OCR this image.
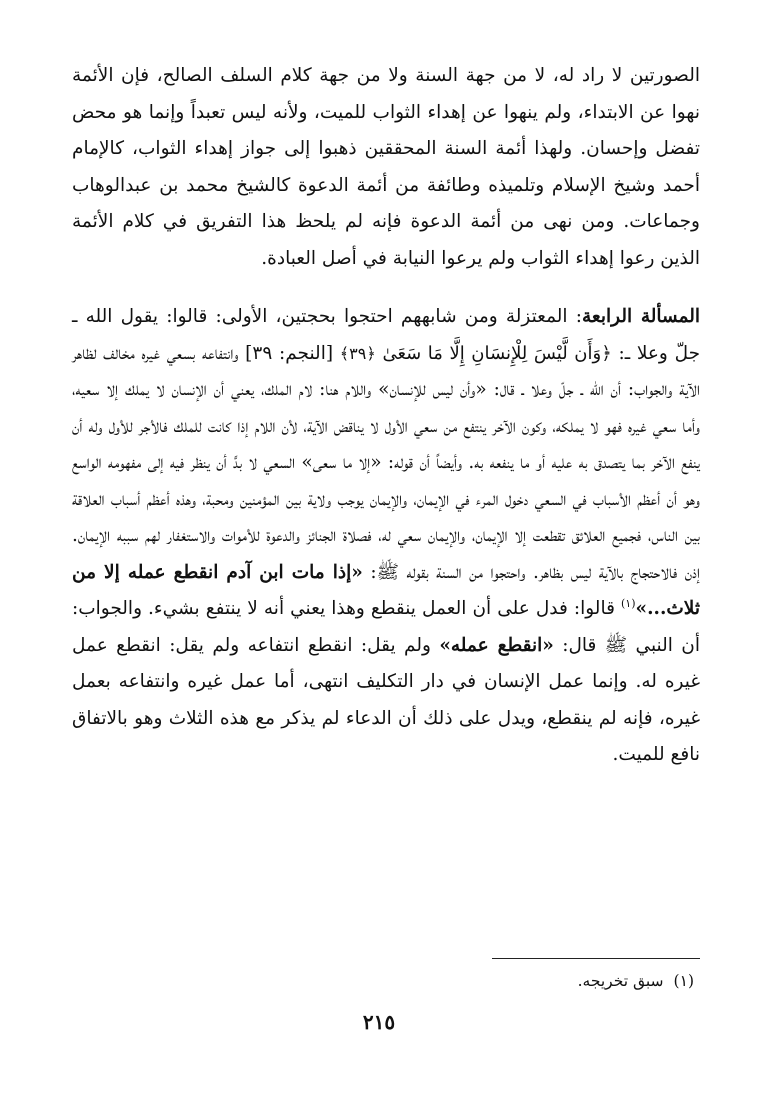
الصورتين لا راد له، لا من جهة السنة ولا من جهة كلام السلف الصالح، فإن الأئمة نهوا عن الابتداء، ولم ينهوا عن إهداء الثواب للميت، ولأنه ليس تعبداً وإنما هو محض تفضل وإحسان. ولهذا أئمة السنة المحققين ذهبوا إلى جواز إهداء الثواب، كالإمام أحمد وشيخ الإسلام وتلميذه وطائفة من أئمة الدعوة كالشيخ محمد بن عبدالوهاب وجماعات. ومن نهى من أئمة الدعوة فإنه لم يلحظ هذا التفريق في كلام الأئمة الذين رعوا إهداء الثواب ولم يرعوا النيابة في أصل العبادة.

المسألة الرابعة: المعتزلة ومن شابههم احتجوا بحجتين، الأولى: قالوا: يقول الله ـ جلّ وعلا ـ: ﴿وَأَن لَّيْسَ لِلْإِنسَانِ إِلَّا مَا سَعَىٰ ﴿٣٩﴾ [النجم: ٣٩] وانتفاعه بسعي غيره مخالف لظاهر الآية والجواب: أن الله ـ جلّ وعلا ـ قال: «وأن ليس للإنسان» واللام هنا: لام الملك، يعني أن الإنسان لا يملك إلا سعيه، وأما سعي غيره فهو لا يملكه، وكون الآخر ينتفع من سعي الأول لا يناقض الآية، لأن اللام إذا كانت للملك فالأجر للأول وله أن ينفع الآخر بما يتصدق به عليه أو ما ينفعه به. وأيضاً أن قوله: «إلا ما سعى» السعي لا بدَّ أن ينظر فيه إلى مفهومه الواسع وهو أن أعظم الأسباب في السعي دخول المرء في الإيمان، والإيمان يوجب ولاية بين المؤمنين ومحبة، وهذه أعظم أسباب العلاقة بين الناس، فجميع العلائق تقطعت إلا الإيمان، والإيمان سعي له، فصلاة الجنائز والدعوة للأموات والاستغفار لهم سببه الإيمان. إذن فالاحتجاج بالآية ليس بظاهر. واحتجوا من السنة بقوله ﷺ: «إذا مات ابن آدم انقطع عمله إلا من ثلاث...»$^{(١)}$ قالوا: فدل على أن العمل ينقطع وهذا يعني أنه لا ينتفع بشيء. والجواب: أن النبي ﷺ قال: «انقطع عمله» ولم يقل: انقطع انتفاعه ولم يقل: انقطع عمل غيره له. وإنما عمل الإنسان في دار التكليف انتهى، أما عمل غيره وانتفاعه بعمل غيره، فإنه لم ينقطع، ويدل على ذلك أن الدعاء لم يذكر مع هذه الثلاث وهو بالاتفاق نافع للميت.

(١)سبق تخريجه.
٢١٥
